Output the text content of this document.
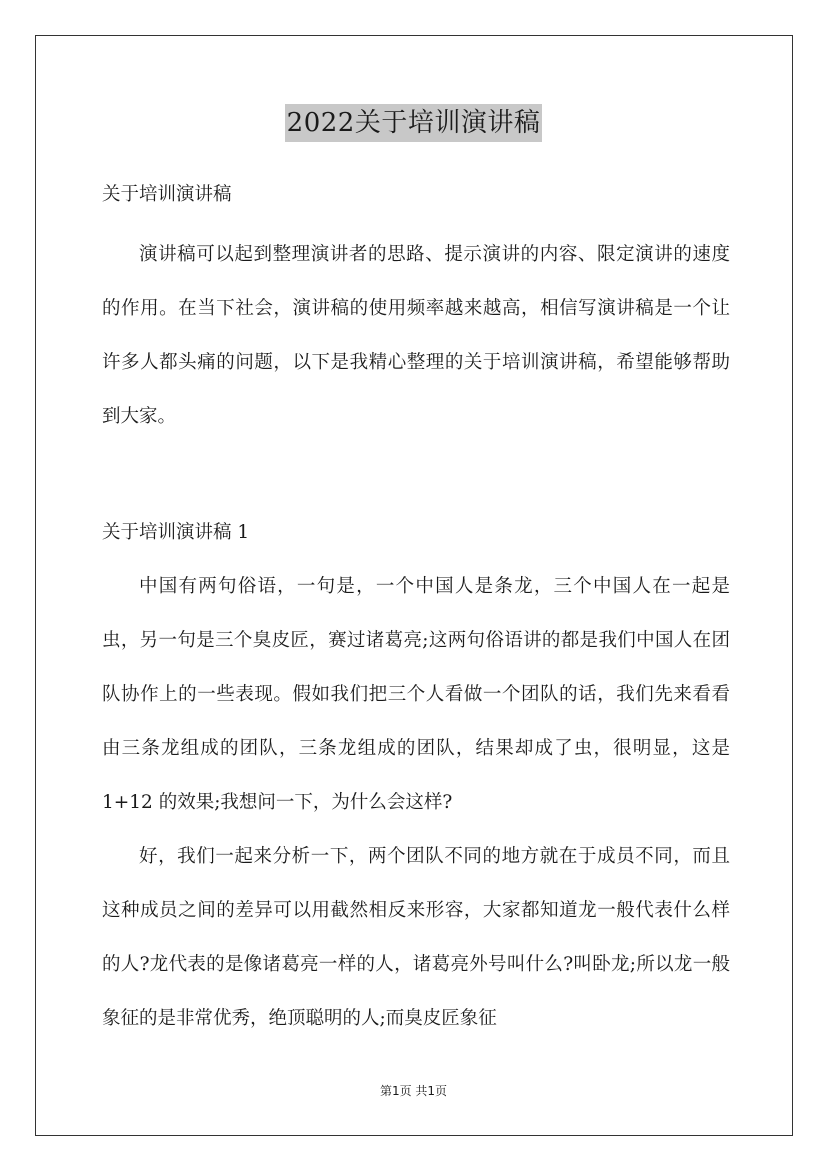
2022关于培训演讲稿

关于培训演讲稿

演讲稿可以起到整理演讲者的思路、提示演讲的内容、限定演讲的速度的作用。在当下社会，演讲稿的使用频率越来越高，相信写演讲稿是一个让许多人都头痛的问题，以下是我精心整理的关于培训演讲稿，希望能够帮助到大家。

关于培训演讲稿 1

中国有两句俗语，一句是，一个中国人是条龙，三个中国人在一起是虫，另一句是三个臭皮匠，赛过诸葛亮;这两句俗语讲的都是我们中国人在团队协作上的一些表现。假如我们把三个人看做一个团队的话，我们先来看看由三条龙组成的团队，三条龙组成的团队，结果却成了虫，很明显，这是 1+12 的效果;我想问一下，为什么会这样?

好，我们一起来分析一下，两个团队不同的地方就在于成员不同，而且这种成员之间的差异可以用截然相反来形容，大家都知道龙一般代表什么样的人?龙代表的是像诸葛亮一样的人，诸葛亮外号叫什么?叫卧龙;所以龙一般象征的是非常优秀，绝顶聪明的人;而臭皮匠象征

第1页 共1页
